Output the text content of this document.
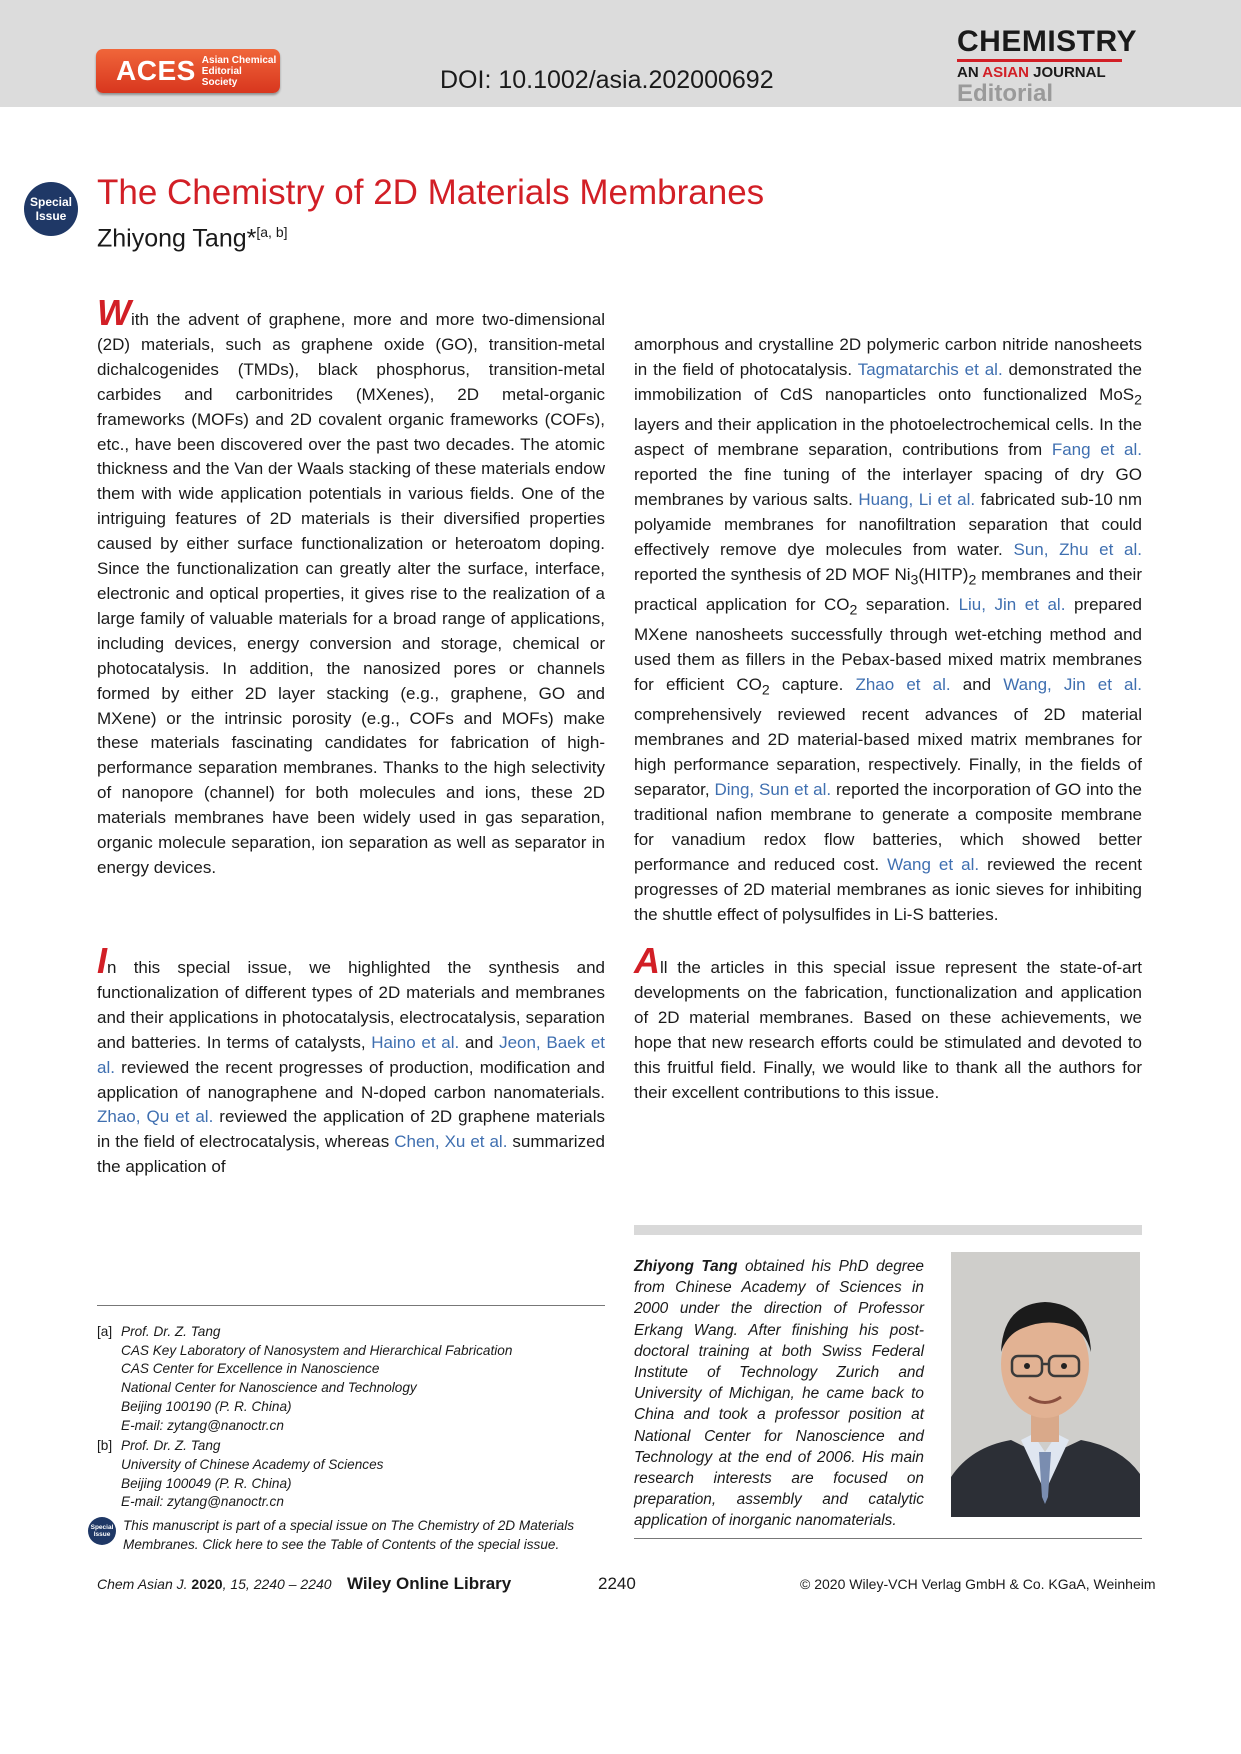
ACES Asian Chemical
Editorial Society	DOI: 10.1002/asia.202000692
CHEMISTRY
AN ASIAN JOURNAL
Editorial
Special
Issue
The Chemistry of 2D Materials Membranes
Zhiyong Tang*[a, b]

With the advent of graphene, more and more two-dimensional (2D) materials, such as graphene oxide (GO), transition-metal dichalcogenides (TMDs), black phosphorus, transition-metal carbides and carbonitrides (MXenes), 2D metal-organic frameworks (MOFs) and 2D covalent organic frameworks (COFs), etc., have been discovered over the past two decades. The atomic thickness and the Van der Waals stacking of these materials endow them with wide application potentials in various fields. One of the intriguing features of 2D materials is their diversified properties caused by either surface functionalization or heteroatom doping. Since the functionalization can greatly alter the surface, interface, electronic and optical properties, it gives rise to the realization of a large family of valuable materials for a broad range of applications, including devices, energy conversion and storage, chemical or photocatalysis. In addition, the nanosized pores or channels formed by either 2D layer stacking (e.g., graphene, GO and MXene) or the intrinsic porosity (e.g., COFs and MOFs) make these materials fascinating candidates for fabrication of high-performance separation membranes. Thanks to the high selectivity of nanopore (channel) for both molecules and ions, these 2D materials membranes have been widely used in gas separation, organic molecule separation, ion separation as well as separator in energy devices.

In this special issue, we highlighted the synthesis and functionalization of different types of 2D materials and membranes and their applications in photocatalysis, electrocatalysis, separation and batteries. In terms of catalysts, Haino et al. and Jeon, Baek et al. reviewed the recent progresses of production, modification and application of nanographene and N-doped carbon nanomaterials. Zhao, Qu et al. reviewed the application of 2D graphene materials in the field of electrocatalysis, whereas Chen, Xu et al. summarized the application of

amorphous and crystalline 2D polymeric carbon nitride nanosheets in the field of photocatalysis. Tagmatarchis et al. demonstrated the immobilization of CdS nanoparticles onto functionalized MoS$_2$ layers and their application in the photoelectrochemical cells. In the aspect of membrane separation, contributions from Fang et al. reported the fine tuning of the interlayer spacing of dry GO membranes by various salts. Huang, Li et al. fabricated sub-10 nm polyamide membranes for nanofiltration separation that could effectively remove dye molecules from water. Sun, Zhu et al. reported the synthesis of 2D MOF $Ni_3(HITP)_2$ membranes and their practical application for $CO_2$ separation. Liu, Jin et al. prepared MXene nanosheets successfully through wet-etching method and used them as fillers in the Pebax-based mixed matrix membranes for efficient $CO_2$ capture. Zhao et al. and Wang, Jin et al. comprehensively reviewed recent advances of 2D material membranes and 2D material-based mixed matrix membranes for high performance separation, respectively. Finally, in the fields of separator, Ding, Sun et al. reported the incorporation of GO into the traditional nafion membrane to generate a composite membrane for vanadium redox flow batteries, which showed better performance and reduced cost. Wang et al. reviewed the recent progresses of 2D material membranes as ionic sieves for inhibiting the shuttle effect of polysulfides in Li-S batteries.

All the articles in this special issue represent the state-of-art developments on the fabrication, functionalization and application of 2D material membranes. Based on these achievements, we hope that new research efforts could be stimulated and devoted to this fruitful field. Finally, we would like to thank all the authors for their excellent contributions to this issue.

[a] Prof. Dr. Z. Tang
CAS Key Laboratory of Nanosystem and Hierarchical Fabrication
CAS Center for Excellence in Nanoscience
National Center for Nanoscience and Technology
Beijing 100190 (P. R. China)
E-mail: zytang@nanoctr.cn
[b] Prof. Dr. Z. Tang
University of Chinese Academy of Sciences
Beijing 100049 (P. R. China)
E-mail: zytang@nanoctr.cn
Special
Issue
This manuscript is part of a special issue on The Chemistry of 2D Materials Membranes. Click here to see the Table of Contents of the special issue.

Zhiyong Tang obtained his PhD degree from Chinese Academy of Sciences in 2000 under the direction of Professor Erkang Wang. After finishing his post-doctoral training at both Swiss Federal Institute of Technology Zurich and University of Michigan, he came back to China and took a professor position at National Center for Nanoscience and Technology at the end of 2006. His main research interests are focused on preparation, assembly and catalytic application of inorganic nanomaterials.

Chem Asian J. 2020, 15, 2240 – 2240 Wiley Online Library	2240	© 2020 Wiley-VCH Verlag GmbH & Co. KGaA, Weinheim
